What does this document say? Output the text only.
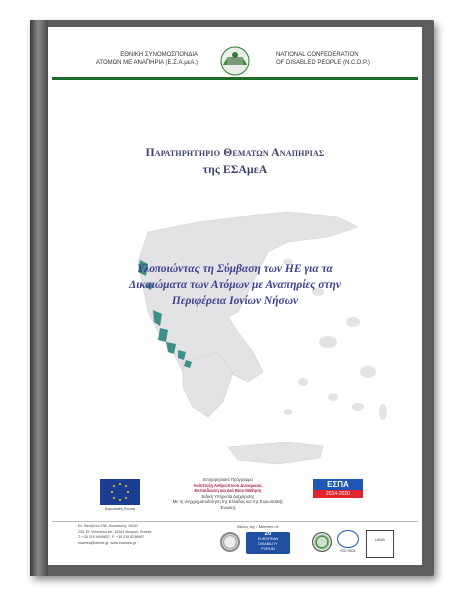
ΕΘΝΙΚΗ ΣΥΝΟΜΟΣΠΟΝΔΙΑ
ΑΤΟΜΩΝ ΜΕ ΑΝΑΠΗΡΙΑ (Ε.Σ.Α.μεΑ.)
NATIONAL CONFEDERATION
OF DISABLED PEOPLE (N.C.D.P.)
Παρατηρητηριο Θεματων Αναπηριας
της ΕΣΑμεΑ
Υλοποιώντας τη Σύμβαση των ΗΕ για τα
Δικαιώματα των Ατόμων με Αναπηρίες στην
Περιφέρεια Ιονίων Νήσων
Ευρωπαϊκή Ένωση
Επιχειρησιακό Πρόγραμμα
Ανάπτυξη Ανθρώπινου Δυναμικού,
Εκπαίδευση και Διά Βίου Μάθηση
Ειδική Υπηρεσία Διαχείρισης
Με τη συγχρηματοδότηση της Ελλάδας και της Ευρωπαϊκής Ένωσης
ΕΣΠΑ
2014-2020
Ελ. Βενιζέλου 236, Ηλιούπολη, 16341
236, El. Venizelou str., 16341 Ilioupoli, Greece
T: +30 210 9949837, F: +30 210 5238967
esamea@otenet.gr, www.esamea.gr
Μέλος της / Member of:
20
EUROPEAN
DISABILITY
FORUM	ISO 9001
UKAS
